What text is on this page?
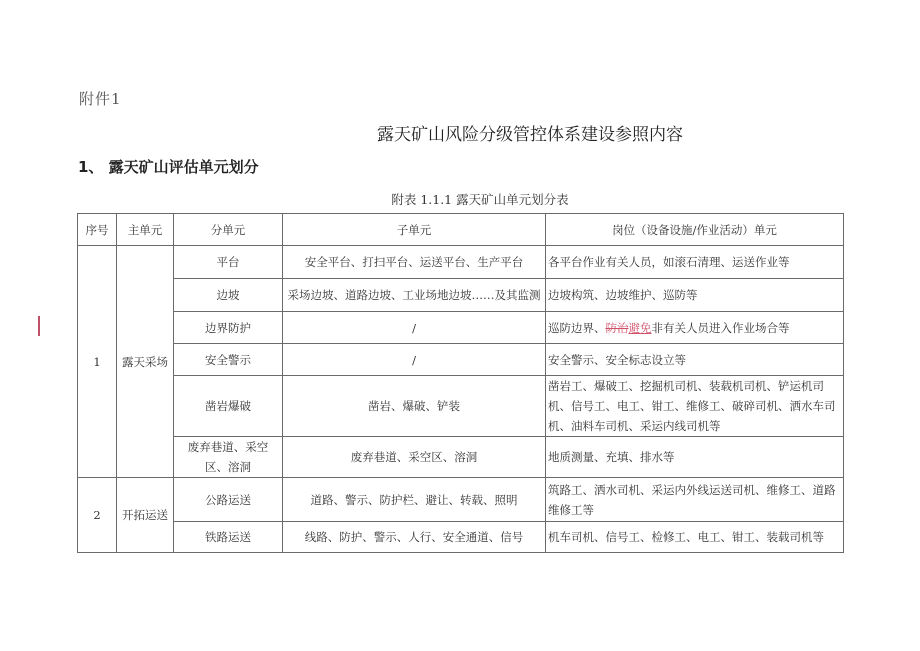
附件1
露天矿山风险分级管控体系建设参照内容
1、 露天矿山评估单元划分
附表 1.1.1 露天矿山单元划分表
序号	主单元	分单元	子单元	岗位（设备设施/作业活动）单元
1	露天采场	平台	安全平台、打扫平台、运送平台、生产平台	各平台作业有关人员，如滚石清理、运送作业等
		边坡	采场边坡、道路边坡、工业场地边坡……及其监测	边坡构筑、边坡维护、巡防等
		边界防护	/	巡防边界、防治避免非有关人员进入作业场合等
		安全警示	/	安全警示、安全标志设立等
		凿岩爆破	凿岩、爆破、铲装	凿岩工、爆破工、挖掘机司机、装载机司机、铲运机司机、信号工、电工、钳工、维修工、破碎司机、洒水车司机、油料车司机、采运内线司机等
		废弃巷道、采空区、溶洞	废弃巷道、采空区、溶洞	地质测量、充填、排水等
2	开拓运送	公路运送	道路、警示、防护栏、避让、转载、照明	筑路工、洒水司机、采运内外线运送司机、维修工、道路维修工等
		铁路运送	线路、防护、警示、人行、安全通道、信号	机车司机、信号工、检修工、电工、钳工、装载司机等
